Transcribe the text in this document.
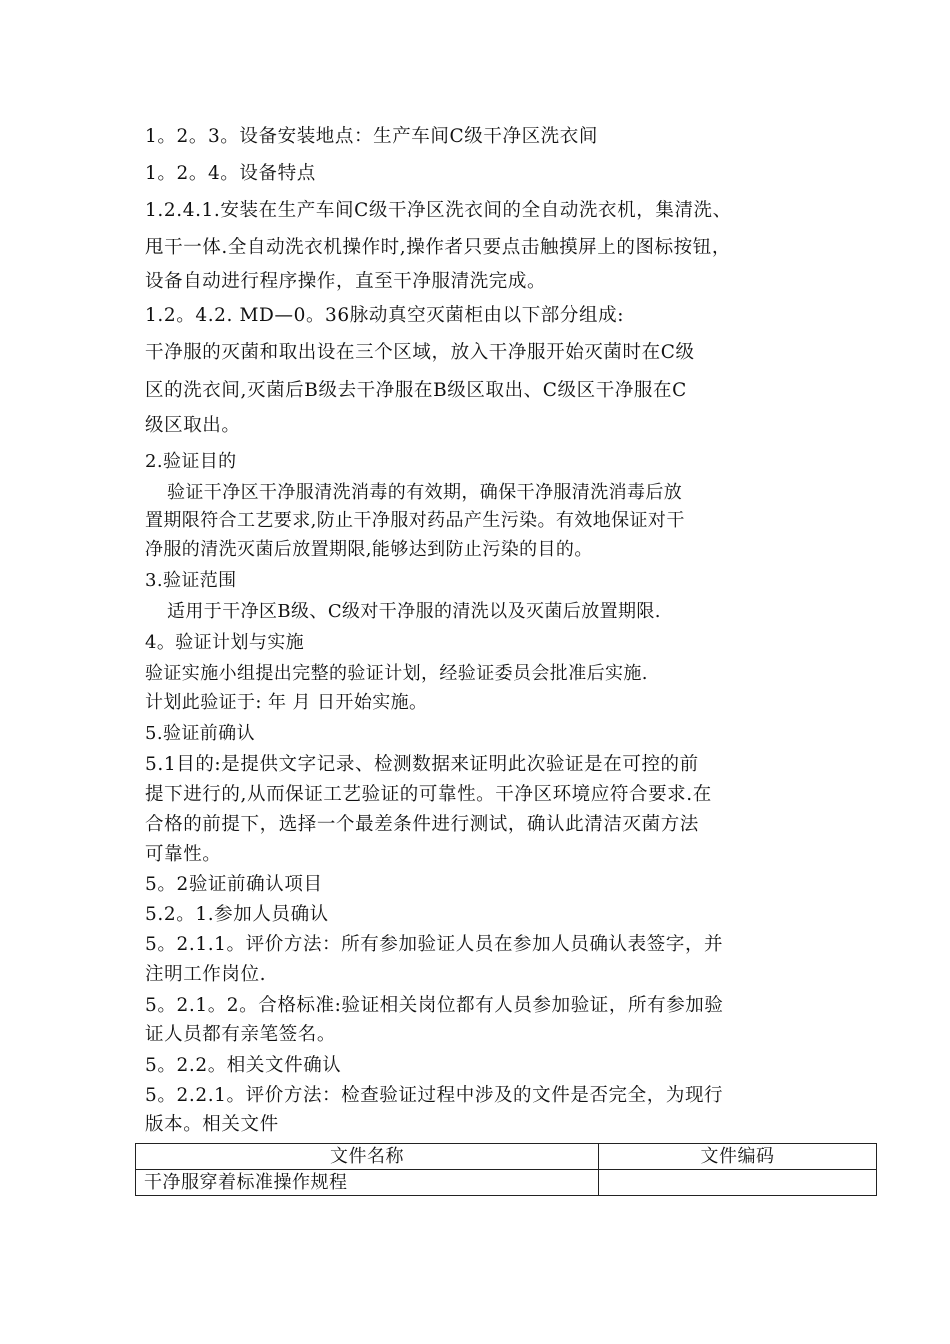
1。2。3。设备安装地点：生产车间C级干净区洗衣间
1。2。4。设备特点
1.2.4.1.安装在生产车间C级干净区洗衣间的全自动洗衣机，集清洗、
甩干一体.全自动洗衣机操作时,操作者只要点击触摸屏上的图标按钮，
设备自动进行程序操作，直至干净服清洗完成。
1.2。4.2. MD—0。36脉动真空灭菌柜由以下部分组成:
干净服的灭菌和取出设在三个区域，放入干净服开始灭菌时在C级
区的洗衣间,灭菌后B级去干净服在B级区取出、C级区干净服在C
级区取出。
2.验证目的
验证干净区干净服清洗消毒的有效期，确保干净服清洗消毒后放
置期限符合工艺要求,防止干净服对药品产生污染。有效地保证对干
净服的清洗灭菌后放置期限,能够达到防止污染的目的。
3.验证范围
适用于干净区B级、C级对干净服的清洗以及灭菌后放置期限.
4。验证计划与实施
验证实施小组提出完整的验证计划，经验证委员会批准后实施.
计划此验证于: 年 月 日开始实施。
5.验证前确认
5.1目的:是提供文字记录、检测数据来证明此次验证是在可控的前
提下进行的,从而保证工艺验证的可靠性。干净区环境应符合要求.在
合格的前提下，选择一个最差条件进行测试，确认此清洁灭菌方法
可靠性。
5。2验证前确认项目
5.2。1.参加人员确认
5。2.1.1。评价方法：所有参加验证人员在参加人员确认表签字，并
注明工作岗位.
5。2.1。2。合格标准:验证相关岗位都有人员参加验证，所有参加验
证人员都有亲笔签名。
5。2.2。相关文件确认
5。2.2.1。评价方法：检查验证过程中涉及的文件是否完全，为现行
版本。相关文件
文件名称	文件编码
干净服穿着标准操作规程	
